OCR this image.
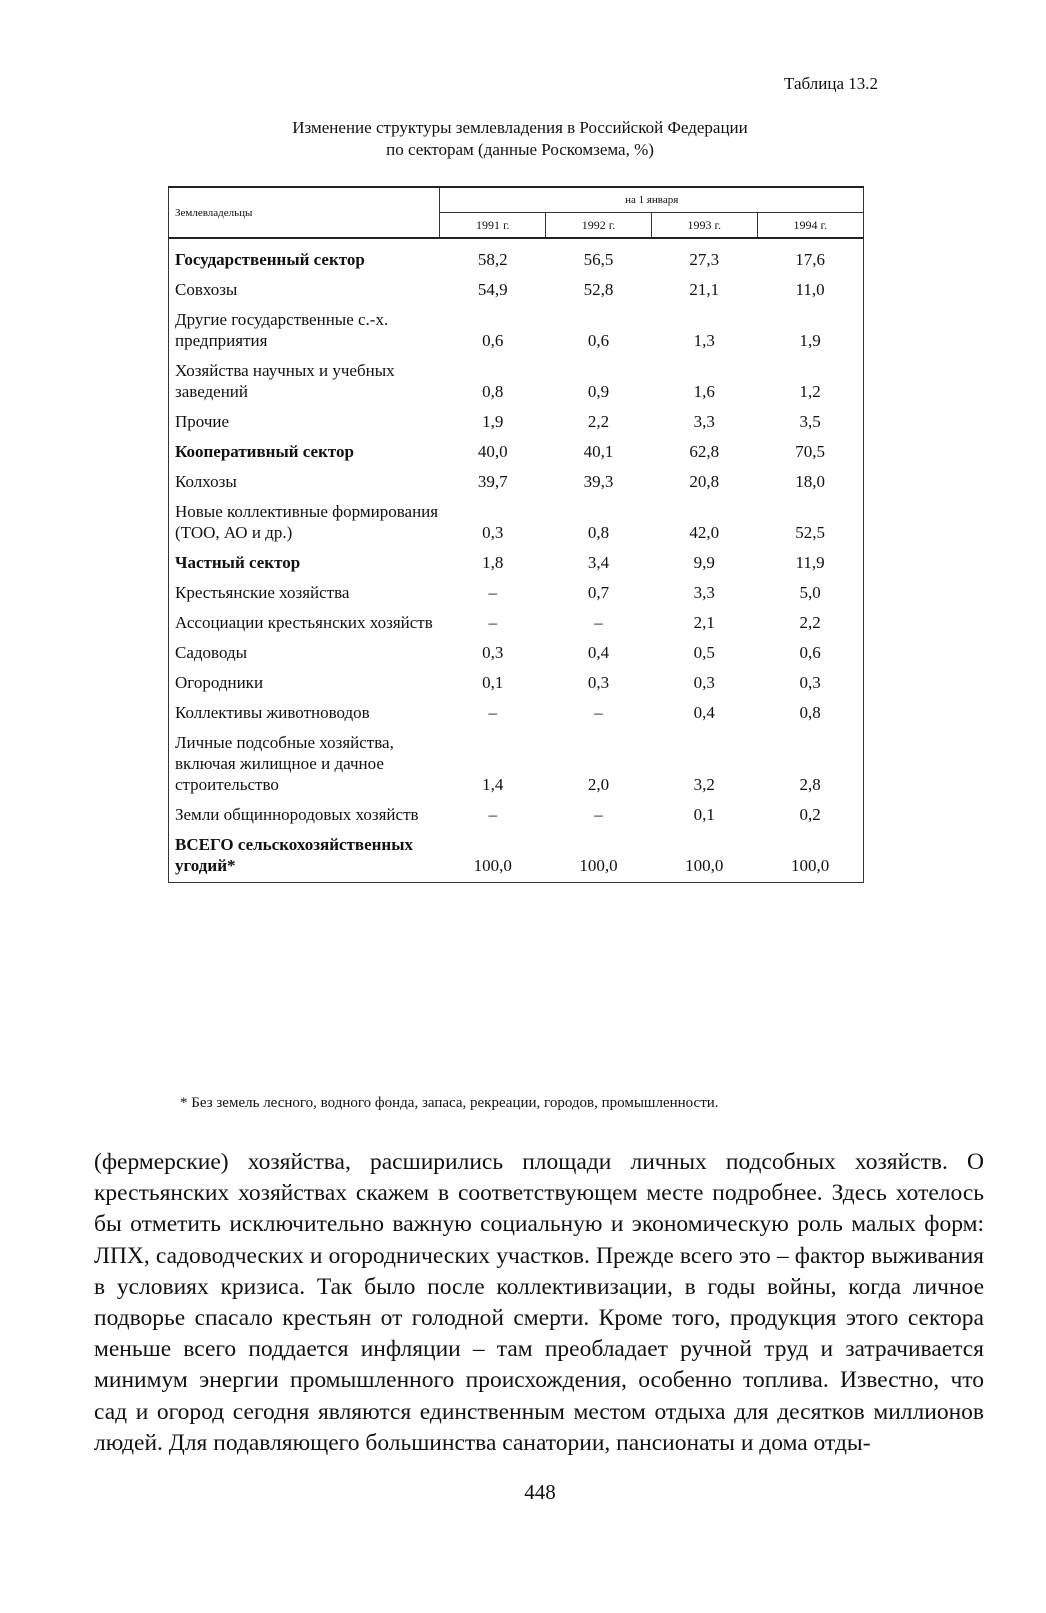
Таблица 13.2
Изменение структуры землевладения в Российской Федерации
по секторам (данные Роскомзема, %)
Землевладельцы	на 1 января			
	1991 г.	1992 г.	1993 г.	1994 г.
Государственный сектор	58,2	56,5	27,3	17,6
Совхозы	54,9	52,8	21,1	11,0
Другие государственные с.-х. предприятия	0,6	0,6	1,3	1,9
Хозяйства научных и учебных заведений	0,8	0,9	1,6	1,2
Прочие	1,9	2,2	3,3	3,5
Кооперативный сектор	40,0	40,1	62,8	70,5
Колхозы	39,7	39,3	20,8	18,0
Новые коллективные формирования (ТОО, АО и др.)	0,3	0,8	42,0	52,5
Частный сектор	1,8	3,4	9,9	11,9
Крестьянские хозяйства	–	0,7	3,3	5,0
Ассоциации крестьянских хозяйств	–	–	2,1	2,2
Садоводы	0,3	0,4	0,5	0,6
Огородники	0,1	0,3	0,3	0,3
Коллективы животноводов	–	–	0,4	0,8
Личные подсобные хозяйства, включая жилищное и дачное строительство	1,4	2,0	3,2	2,8
Земли общиннородовых хозяйств	–	–	0,1	0,2
ВСЕГО сельскохозяйственных угодий*	100,0	100,0	100,0	100,0
* Без земель лесного, водного фонда, запаса, рекреации, городов, промышленности.

(фермерские) хозяйства, расширились площади личных подсобных хозяйств. О крестьянских хозяйствах скажем в соответствующем месте подробнее. Здесь хотелось бы отметить исключительно важную социальную и экономическую роль малых форм: ЛПХ, садоводческих и огороднических участков. Прежде всего это – фактор выживания в условиях кризиса. Так было после коллективизации, в годы войны, когда личное подворье спасало крестьян от голодной смерти. Кроме того, продукция этого сектора меньше всего поддается инфляции – там преобладает ручной труд и затрачивается минимум энергии промышленного происхождения, особенно топлива. Известно, что сад и огород сегодня являются единственным местом отдыха для десятков миллионов людей. Для подавляющего большинства санатории, пансионаты и дома отды-

448
